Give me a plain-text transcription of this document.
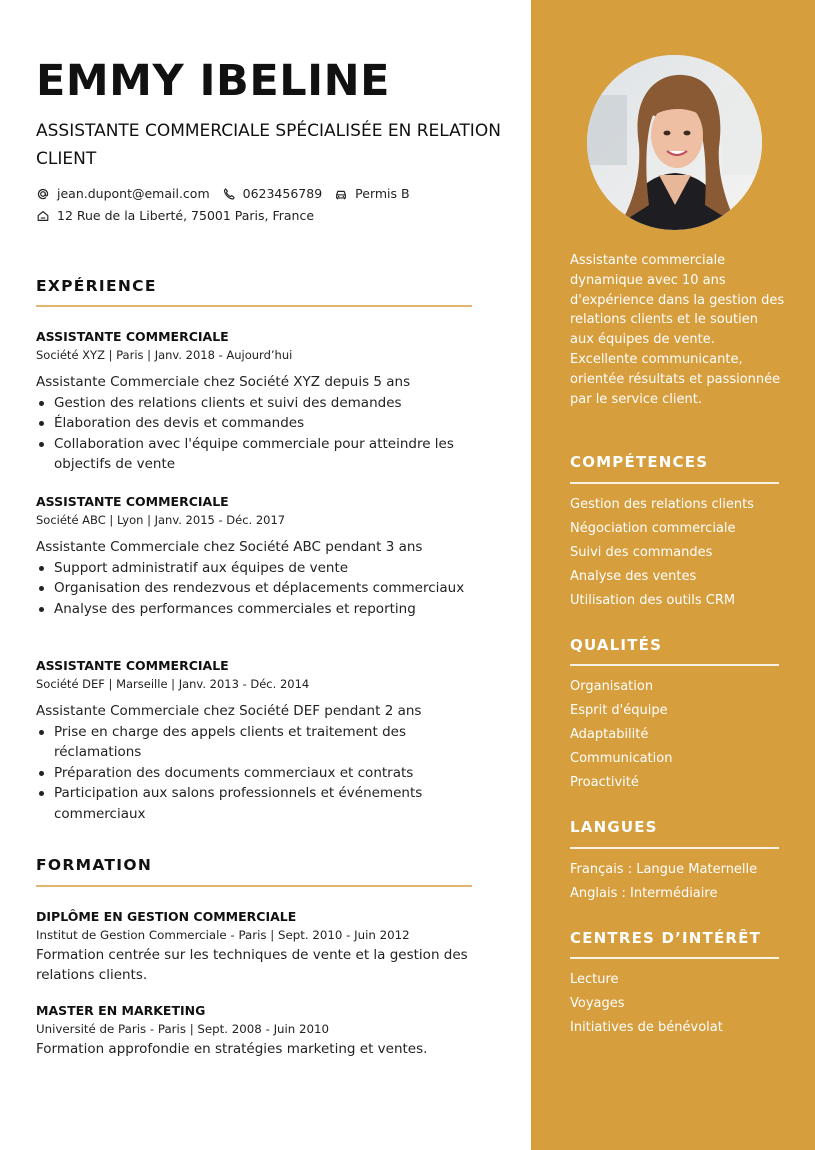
EMMY IBELINE
ASSISTANTE COMMERCIALE SPÉCIALISÉE EN RELATION CLIENT
jean.dupont@email.com	0623456789	Permis B
12 Rue de la Liberté, 75001 Paris, France
EXPÉRIENCE
ASSISTANTE COMMERCIALE
Société XYZ | Paris | Janv. 2018 - Aujourd’hui
Assistante Commerciale chez Société XYZ depuis 5 ans
Gestion des relations clients et suivi des demandes
Élaboration des devis et commandes
Collaboration avec l'équipe commerciale pour atteindre les objectifs de vente
ASSISTANTE COMMERCIALE
Société ABC | Lyon | Janv. 2015 - Déc. 2017
Assistante Commerciale chez Société ABC pendant 3 ans
Support administratif aux équipes de vente
Organisation des rendezvous et déplacements commerciaux
Analyse des performances commerciales et reporting
ASSISTANTE COMMERCIALE
Société DEF | Marseille | Janv. 2013 - Déc. 2014
Assistante Commerciale chez Société DEF pendant 2 ans
Prise en charge des appels clients et traitement des réclamations
Préparation des documents commerciaux et contrats
Participation aux salons professionnels et événements commerciaux
FORMATION
DIPLÔME EN GESTION COMMERCIALE
Institut de Gestion Commerciale - Paris | Sept. 2010 - Juin 2012
Formation centrée sur les techniques de vente et la gestion des relations clients.
MASTER EN MARKETING
Université de Paris - Paris | Sept. 2008 - Juin 2010
Formation approfondie en stratégies marketing et ventes.
Assistante commerciale dynamique avec 10 ans d'expérience dans la gestion des relations clients et le soutien aux équipes de vente. Excellente communicante, orientée résultats et passionnée par le service client.
COMPÉTENCES
Gestion des relations clients
Négociation commerciale
Suivi des commandes
Analyse des ventes
Utilisation des outils CRM
QUALITÉS
Organisation
Esprit d'équipe
Adaptabilité
Communication
Proactivité
LANGUES
Français : Langue Maternelle
Anglais : Intermédiaire
CENTRES D’INTÉRÊT
Lecture
Voyages
Initiatives de bénévolat
